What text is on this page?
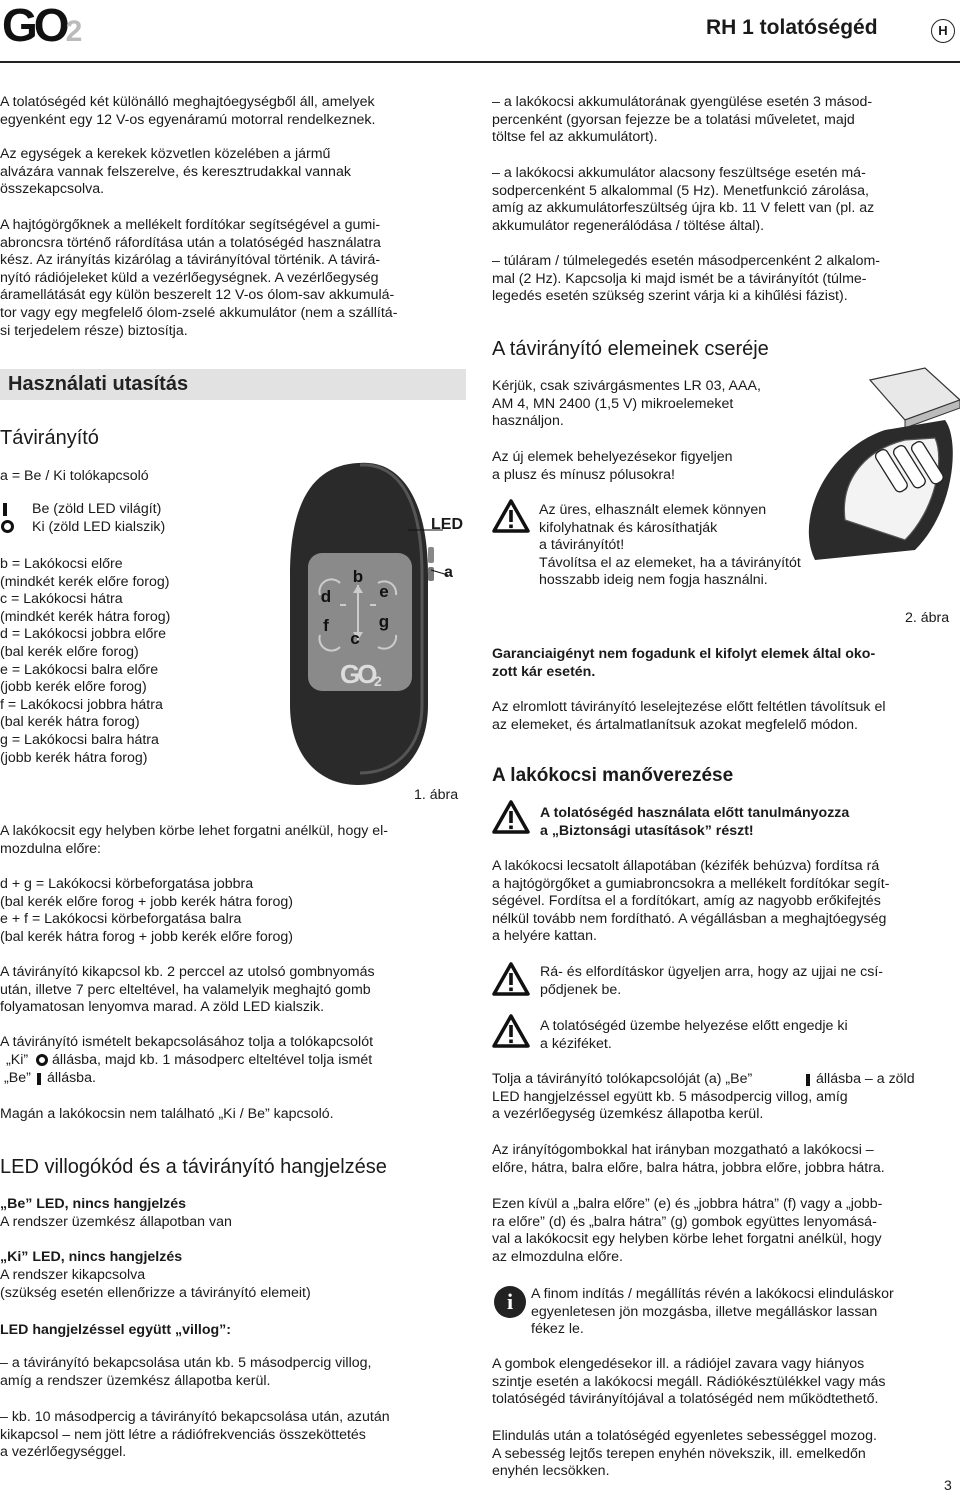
GO2	RH 1 tolatóségéd	H

A tolatóségéd két különálló meghajtóegységből áll, amelyek
egyenként egy 12 V-os egyenáramú motorral rendelkeznek.

Az egységek a kerekek közvetlen közelében a jármű
alvázára vannak felszerelve, és keresztrudakkal vannak
összekapcsolva.

A hajtógörgőknek a mellékelt fordítókar segítségével a gumi-
abroncsra történő ráfordítása után a tolatóségéd használatra
kész. Az irányítás kizárólag a távirányítóval történik. A távirá-
nyító rádiójeleket küld a vezérlőegységnek. A vezérlőegység
áramellátását egy külön beszerelt 12 V-os ólom-sav akkumulá-
tor vagy egy megfelelő ólom-zselé akkumulátor (nem a szállítá-
si terjedelem része) biztosítja.

Használati utasítás
Távirányító

a = Be / Ki tolókapcsoló

Be (zöld LED világít)

Ki (zöld LED kialszik)

b = Lakókocsi előre
(mindkét kerék előre forog)
c = Lakókocsi hátra
(mindkét kerék hátra forog)
d = Lakókocsi jobbra előre
(bal kerék előre forog)
e = Lakókocsi balra előre
(jobb kerék előre forog)
f = Lakókocsi jobbra hátra
(bal kerék hátra forog)
g = Lakókocsi balra hátra
(jobb kerék hátra forog)

b
d	e
f	g
c
GO 2
LED
a
1. ábra

A lakókocsit egy helyben körbe lehet forgatni anélkül, hogy el-
mozdulna előre:

d + g = Lakókocsi körbeforgatása jobbra
(bal kerék előre forog + jobb kerék hátra forog)
e + f = Lakókocsi körbeforgatása balra
(bal kerék hátra forog + jobb kerék előre forog)

A távirányító kikapcsol kb. 2 perccel az utolsó gombnyomás
után, illetve 7 perc elteltével, ha valamelyik meghajtó gomb
folyamatosan lenyomva marad. A zöld LED kialszik.

A távirányító ismételt bekapcsolásához tolja a tolókapcsolót

„Ki” állásba, majd kb. 1 másodperc elteltével tolja ismét
„Be” állásba.

Magán a lakókocsin nem található „Ki / Be” kapcsoló.

LED villogókód és a távirányító hangjelzése
„Be” LED, nincs hangjelzés
A rendszer üzemkész állapotban van
„Ki” LED, nincs hangjelzés

A rendszer kikapcsolva
(szükség esetén ellenőrizze a távirányító elemeit)

LED hangjelzéssel együtt „villog”:

– a távirányító bekapcsolása után kb. 5 másodpercig villog,
amíg a rendszer üzemkész állapotba kerül.

– kb. 10 másodpercig a távirányító bekapcsolása után, azután
kikapcsol – nem jött létre a rádiófrekvenciás összeköttetés
a vezérlőegységgel.

– a lakókocsi akkumulátorának gyengülése esetén 3 másod-
percenként (gyorsan fejezze be a tolatási műveletet, majd
töltse fel az akkumulátort).

– a lakókocsi akkumulátor alacsony feszültsége esetén má-
sodpercenként 5 alkalommal (5 Hz). Menetfunkció zárolása,
amíg az akkumulátorfeszültség újra kb. 11 V felett van (pl. az
akkumulátor regenerálódása / töltése által).

– túláram / túlmelegedés esetén másodpercenként 2 alkalom-
mal (2 Hz). Kapcsolja ki majd ismét be a távirányítót (túlme-
legedés esetén szükség szerint várja ki a kihűlési fázist).

A távirányító elemeinek cseréje

Kérjük, csak szivárgásmentes LR 03, AAA,
AM 4, MN 2400 (1,5 V) mikroelemeket
használjon.

Az új elemek behelyezésekor figyeljen
a plusz és mínusz pólusokra!

Az üres, elhasznált elemek könnyen
kifolyhatnak és károsíthatják
a távirányítót!
Távolítsa el az elemeket, ha a távirányítót
hosszabb ideig nem fogja használni.
2. ábra

Garanciaigényt nem fogadunk el kifolyt elemek által oko-
zott kár esetén.

Az elromlott távirányító leselejtezése előtt feltétlen távolítsuk el
az elemeket, és ártalmatlanítsuk azokat megfelelő módon.

A lakókocsi manőverezése

A tolatóségéd használata előtt tanulmányozza
a „Biztonsági utasítások” részt!

A lakókocsi lecsatolt állapotában (kézifék behúzva) fordítsa rá
a hajtógörgőket a gumiabroncsokra a mellékelt fordítókar segít-
ségével. Fordítsa el a fordítókart, amíg az nagyobb erőkifejtés
nélkül tovább nem fordítható. A végállásban a meghajtóegység
a helyére kattan.

Rá- és elfordításkor ügyeljen arra, hogy az ujjai ne csí-
pődjenek be.

A tolatóségéd üzembe helyezése előtt engedje ki
a kéziféket.

Tolja a távirányító tolókapcsolóját (a) „Be”	állásba – a zöld
LED hangjelzéssel együtt kb. 5 másodpercig villog, amíg
a vezérlőegység üzemkész állapotba kerül.

Az irányítógombokkal hat irányban mozgatható a lakókocsi –
előre, hátra, balra előre, balra hátra, jobbra előre, jobbra hátra.

Ezen kívül a „balra előre” (e) és „jobbra hátra” (f) vagy a „jobb-
ra előre” (d) és „balra hátra” (g) gombok együttes lenyomásá-
val a lakókocsit egy helyben körbe lehet forgatni anélkül, hogy
az elmozdulna előre.

i	A finom indítás / megállítás révén a lakókocsi elinduláskor
egyenletesen jön mozgásba, illetve megálláskor lassan
fékez le.

A gombok elengedésekor ill. a rádiójel zavara vagy hiányos
szintje esetén a lakókocsi megáll. Rádiókésztülékkel vagy más
tolatóségéd távirányítójával a tolatóségéd nem működtethető.

Elindulás után a tolatóségéd egyenletes sebességgel mozog.
A sebesség lejtős terepen enyhén növekszik, ill. emelkedőn
enyhén lecsökken.

3
